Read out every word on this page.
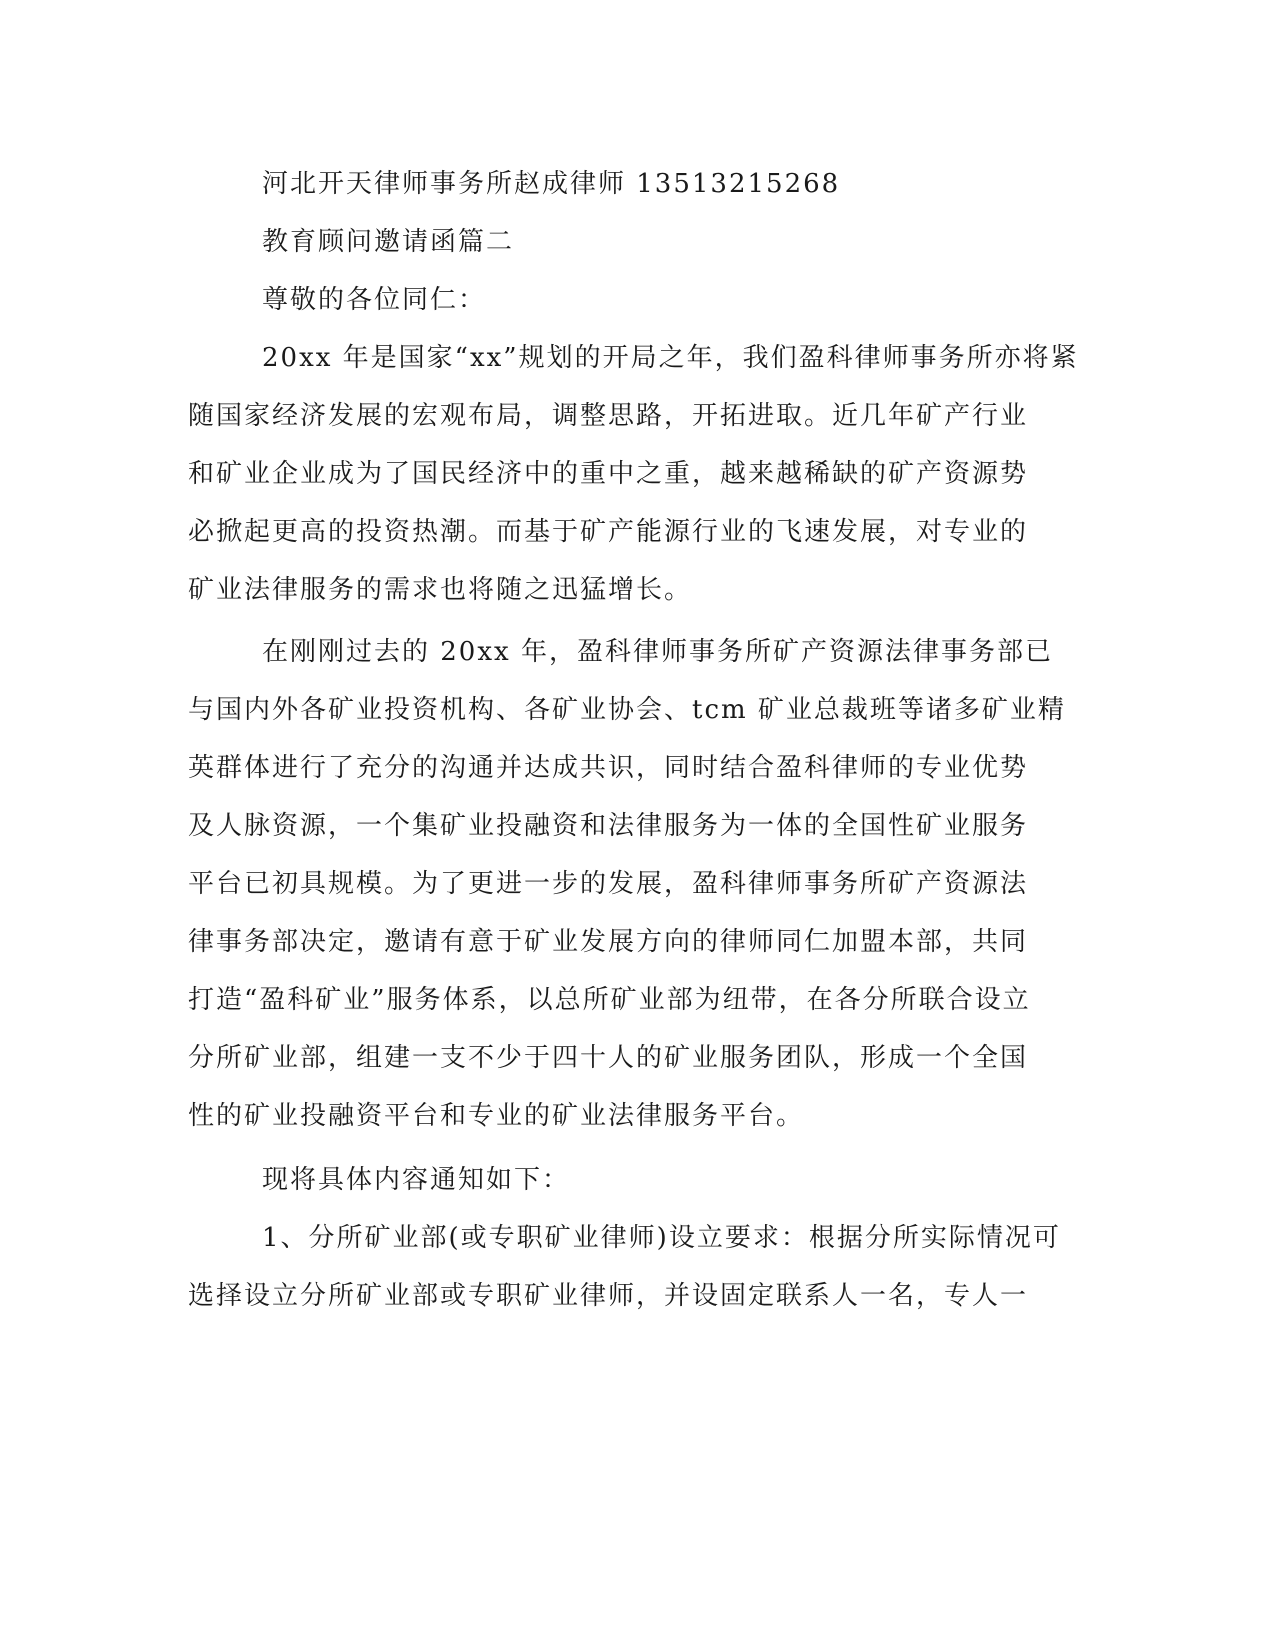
河北开天律师事务所赵成律师 13513215268
教育顾问邀请函篇二
尊敬的各位同仁：
20xx 年是国家“xx”规划的开局之年，我们盈科律师事务所亦将紧
随国家经济发展的宏观布局，调整思路，开拓进取。近几年矿产行业
和矿业企业成为了国民经济中的重中之重，越来越稀缺的矿产资源势
必掀起更高的投资热潮。而基于矿产能源行业的飞速发展，对专业的
矿业法律服务的需求也将随之迅猛增长。
在刚刚过去的 20xx 年，盈科律师事务所矿产资源法律事务部已
与国内外各矿业投资机构、各矿业协会、tcm 矿业总裁班等诸多矿业精
英群体进行了充分的沟通并达成共识，同时结合盈科律师的专业优势
及人脉资源，一个集矿业投融资和法律服务为一体的全国性矿业服务
平台已初具规模。为了更进一步的发展，盈科律师事务所矿产资源法
律事务部决定，邀请有意于矿业发展方向的律师同仁加盟本部，共同
打造“盈科矿业”服务体系，以总所矿业部为纽带，在各分所联合设立
分所矿业部，组建一支不少于四十人的矿业服务团队，形成一个全国
性的矿业投融资平台和专业的矿业法律服务平台。
现将具体内容通知如下：
1、分所矿业部(或专职矿业律师)设立要求：根据分所实际情况可
选择设立分所矿业部或专职矿业律师，并设固定联系人一名，专人一
